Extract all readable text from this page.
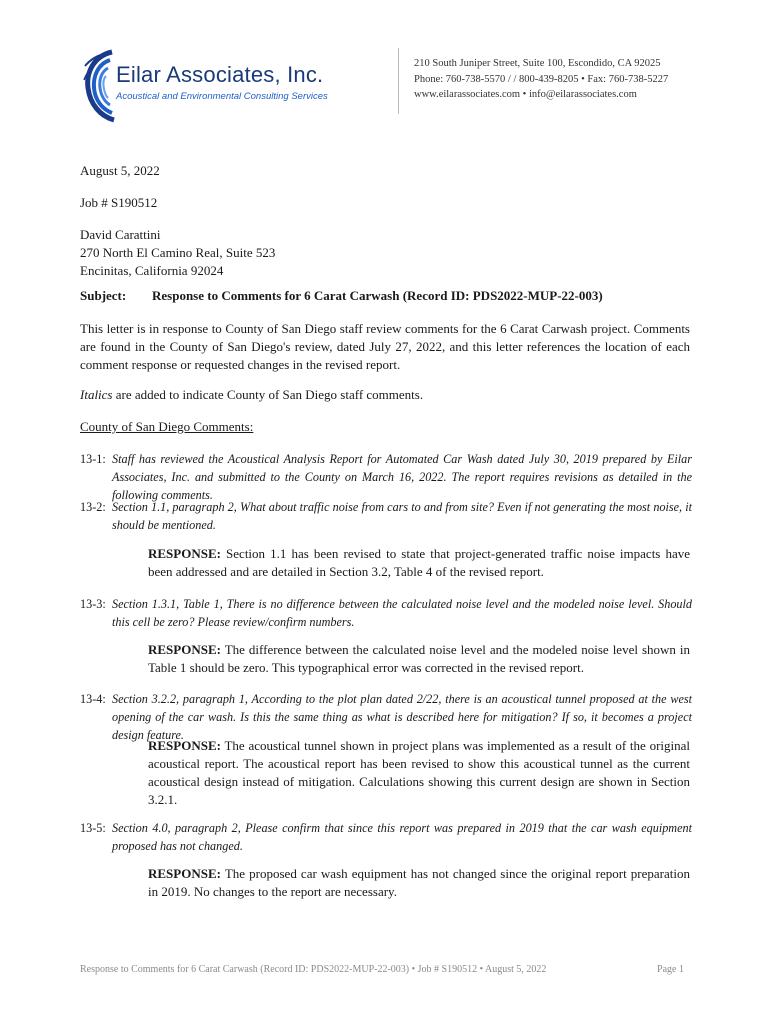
Eilar Associates, Inc.
Acoustical and Environmental Consulting Services
210 South Juniper Street, Suite 100, Escondido, CA 92025
Phone: 760-738-5570 / / 800-439-8205 • Fax: 760-738-5227
www.eilarassociates.com • info@eilarassociates.com
August 5, 2022
Job # S190512
David Carattini
270 North El Camino Real, Suite 523
Encinitas, California 92024
Subject: Response to Comments for 6 Carat Carwash (Record ID: PDS2022-MUP-22-003)
This letter is in response to County of San Diego staff review comments for the 6 Carat Carwash project. Comments are found in the County of San Diego's review, dated July 27, 2022, and this letter references the location of each comment response or requested changes in the revised report.
Italics are added to indicate County of San Diego staff comments.
County of San Diego Comments:
13-1: Staff has reviewed the Acoustical Analysis Report for Automated Car Wash dated July 30, 2019 prepared by Eilar Associates, Inc. and submitted to the County on March 16, 2022. The report requires revisions as detailed in the following comments.
13-2: Section 1.1, paragraph 2, What about traffic noise from cars to and from site? Even if not generating the most noise, it should be mentioned.
RESPONSE: Section 1.1 has been revised to state that project-generated traffic noise impacts have been addressed and are detailed in Section 3.2, Table 4 of the revised report.
13-3: Section 1.3.1, Table 1, There is no difference between the calculated noise level and the modeled noise level. Should this cell be zero? Please review/confirm numbers.
RESPONSE: The difference between the calculated noise level and the modeled noise level shown in Table 1 should be zero. This typographical error was corrected in the revised report.
13-4: Section 3.2.2, paragraph 1, According to the plot plan dated 2/22, there is an acoustical tunnel proposed at the west opening of the car wash. Is this the same thing as what is described here for mitigation? If so, it becomes a project design feature.
RESPONSE: The acoustical tunnel shown in project plans was implemented as a result of the original acoustical report. The acoustical report has been revised to show this acoustical tunnel as the current acoustical design instead of mitigation. Calculations showing this current design are shown in Section 3.2.1.
13-5: Section 4.0, paragraph 2, Please confirm that since this report was prepared in 2019 that the car wash equipment proposed has not changed.
RESPONSE: The proposed car wash equipment has not changed since the original report preparation in 2019. No changes to the report are necessary.
Response to Comments for 6 Carat Carwash (Record ID: PDS2022-MUP-22-003) • Job # S190512 • August 5, 2022	Page 1
